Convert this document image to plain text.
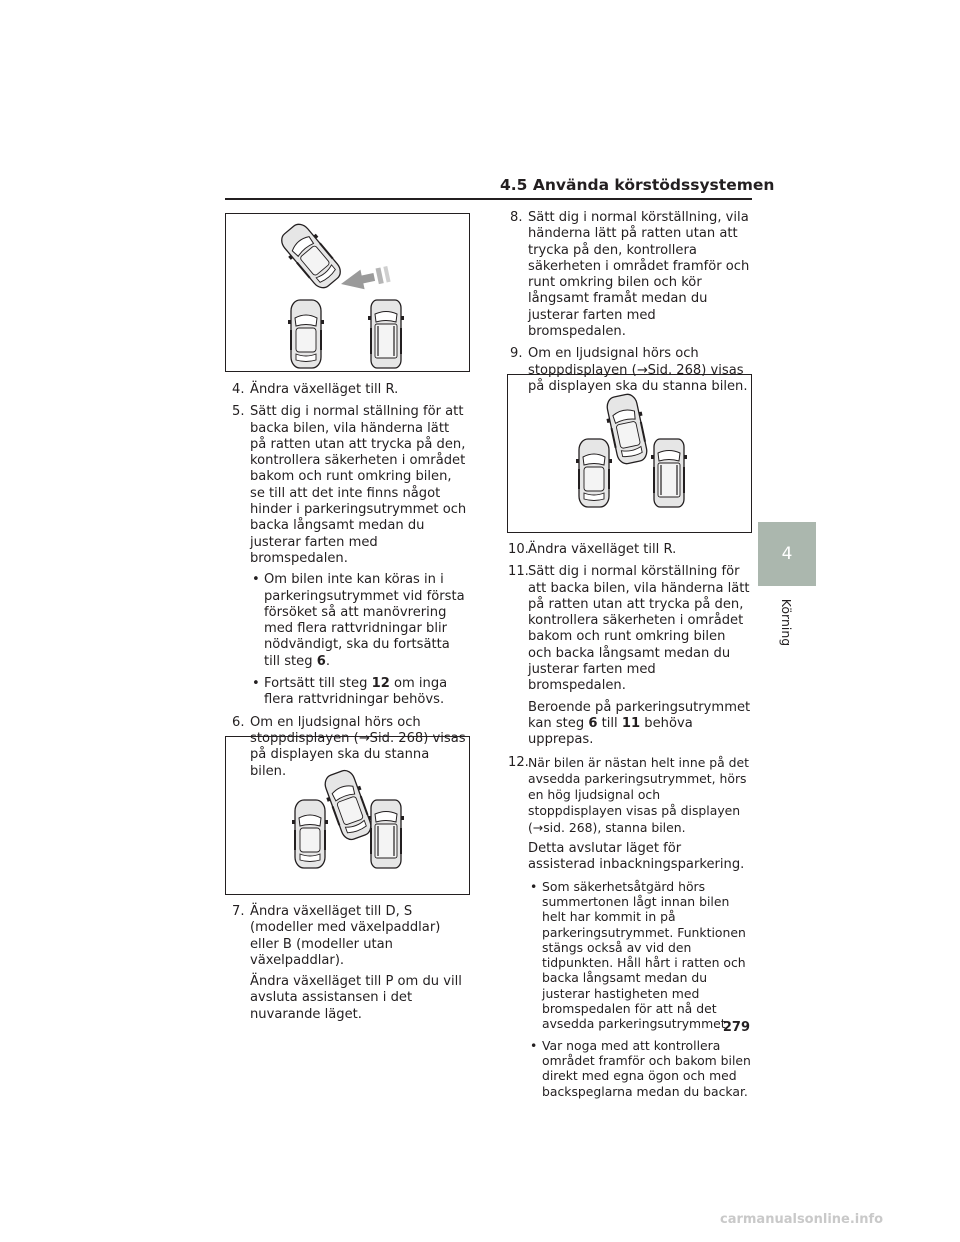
4.5 Använda körstödssystemen
4. Ändra växelläget till R.
5. Sätt dig i normal ställning för att backa bilen, vila händerna lätt på ratten utan att trycka på den, kontrollera säkerheten i området bakom och runt omkring bilen, se till att det inte finns något hinder i parkeringsutrymmet och backa långsamt medan du justerar farten med bromspedalen.

• Om bilen inte kan köras in i parkeringsutrymmet vid första försöket så att manövrering med flera rattvridningar blir nödvändigt, ska du fortsätta till steg 6.
• Fortsätt till steg 12 om inga flera rattvridningar behövs.
6. Om en ljudsignal hörs och stoppdisplayen (→Sid. 268) visas på displayen ska du stanna bilen.
7. Ändra växelläget till D, S (modeller med växelpaddlar) eller B (modeller utan växelpaddlar).

Ändra växelläget till P om du vill avsluta assistansen i det nuvarande läget.

8. Sätt dig i normal körställning, vila händerna lätt på ratten utan att trycka på den, kontrollera säkerheten i området framför och runt omkring bilen och kör långsamt framåt medan du justerar farten med bromspedalen.
9. Om en ljudsignal hörs och stoppdisplayen (→Sid. 268) visas på displayen ska du stanna bilen.
10. Ändra växelläget till R.
11. Sätt dig i normal körställning för att backa bilen, vila händerna lätt på ratten utan att trycka på den, kontrollera säkerheten i området bakom och runt omkring bilen och backa långsamt medan du justerar farten med bromspedalen.

Beroende på parkeringsutrymmet kan steg 6 till 11 behöva upprepas.

12. När bilen är nästan helt inne på det avsedda parkeringsutrymmet, hörs en hög ljudsignal och stoppdisplayen visas på displayen (→sid. 268), stanna bilen.

Detta avslutar läget för assisterad inbackningsparkering.

• Som säkerhetsåtgärd hörs summertonen lågt innan bilen helt har kommit in på parkeringsutrymmet. Funktionen stängs också av vid den tidpunkten. Håll hårt i ratten och backa långsamt medan du justerar hastigheten med bromspedalen för att nå det avsedda parkeringsutrymmet.
• Var noga med att kontrollera området framför och bakom bilen direkt med egna ögon och med backspeglarna medan du backar.
4
Körning
279
carmanualsonline.info
